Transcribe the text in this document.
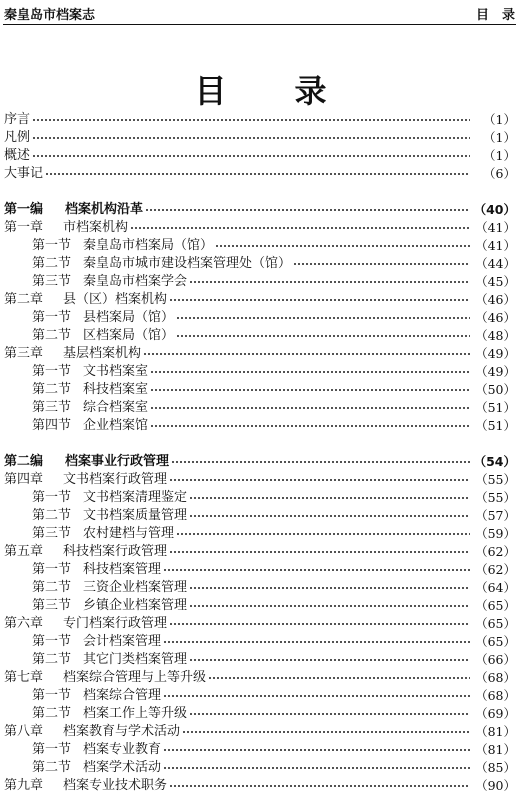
秦皇岛市档案志	目　录
目 录
序言	（1）
凡例	（1）
概述	（1）
大事记	（6）
第一编	档案机构沿革	（40）
第一章	市档案机构	（41）
第一节 秦皇岛市档案局（馆）	（41）
第二节 秦皇岛市城市建设档案管理处（馆）	（44）
第三节 秦皇岛市档案学会	（45）
第二章	县（区）档案机构	（46）
第一节 县档案局（馆）	（46）
第二节 区档案局（馆）	（48）
第三章	基层档案机构	（49）
第一节 文书档案室	（49）
第二节 科技档案室	（50）
第三节 综合档案室	（51）
第四节 企业档案馆	（51）
第二编	档案事业行政管理	（54）
第四章	文书档案行政管理	（55）
第一节 文书档案清理鉴定	（55）
第二节 文书档案质量管理	（57）
第三节 农村建档与管理	（59）
第五章	科技档案行政管理	（62）
第一节 科技档案管理	（62）
第二节 三资企业档案管理	（64）
第三节 乡镇企业档案管理	（65）
第六章	专门档案行政管理	（65）
第一节 会计档案管理	（65）
第二节 其它门类档案管理	（66）
第七章	档案综合管理与上等升级	（68）
第一节 档案综合管理	（68）
第二节 档案工作上等升级	（69）
第八章	档案教育与学术活动	（81）
第一节 档案专业教育	（81）
第二节 档案学术活动	（85）
第九章	档案专业技术职务	（90）
